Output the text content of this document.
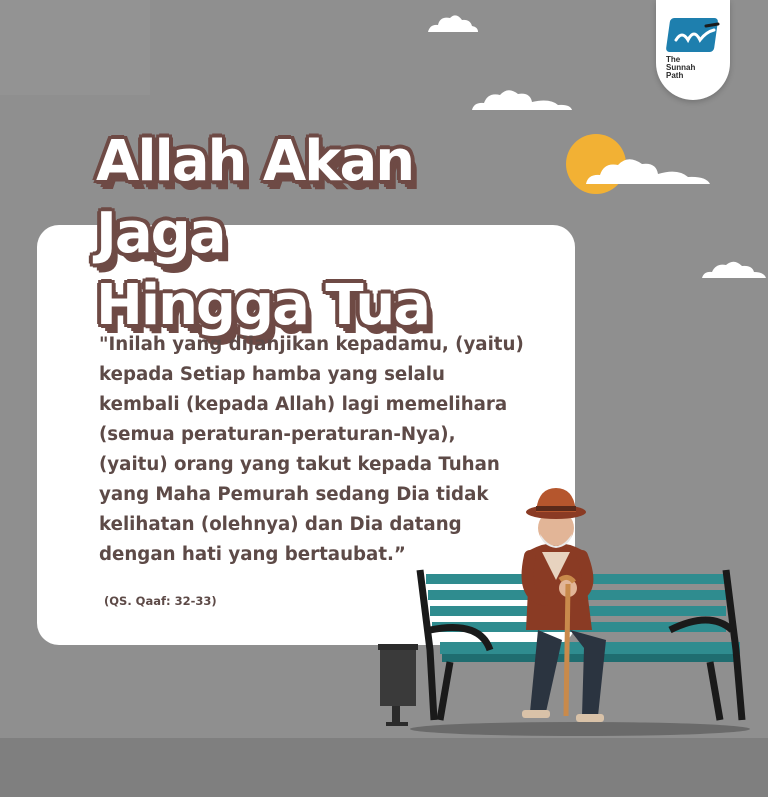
The
Sunnah
Path
Allah Akan Jaga
Hingga Tua
"Inilah yang dijanjikan kepadamu, (yaitu)
kepada Setiap hamba yang selalu
kembali (kepada Allah) lagi memelihara
(semua peraturan-peraturan-Nya),
(yaitu) orang yang takut kepada Tuhan
yang Maha Pemurah sedang Dia tidak
kelihatan (olehnya) dan Dia datang
dengan hati yang bertaubat.”
(QS. Qaaf: 32-33)
